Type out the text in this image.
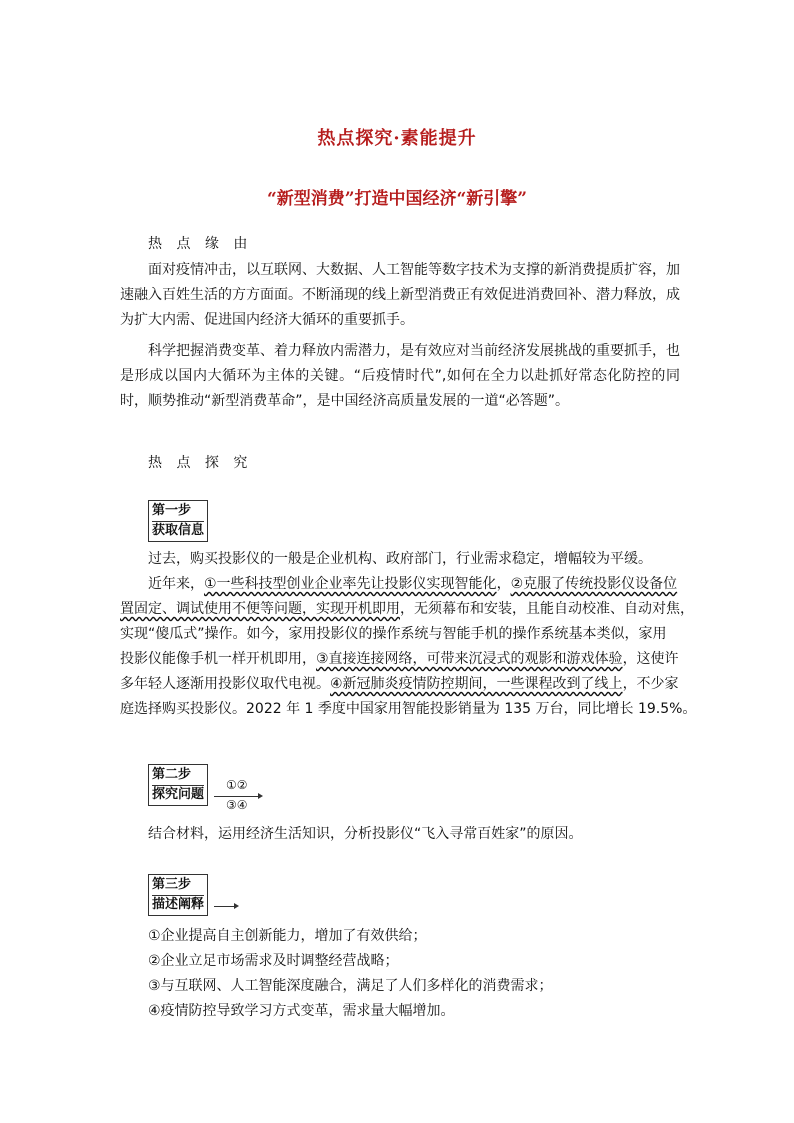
热点探究·素能提升
“新型消费”打造中国经济“新引擎”
热 点 缘 由

面对疫情冲击，以互联网、大数据、人工智能等数字技术为支撑的新消费提质扩容，加速融入百姓生活的方方面面。不断涌现的线上新型消费正有效促进消费回补、潜力释放，成为扩大内需、促进国内经济大循环的重要抓手。

科学把握消费变革、着力释放内需潜力，是有效应对当前经济发展挑战的重要抓手，也是形成以国内大循环为主体的关键。“后疫情时代”,如何在全力以赴抓好常态化防控的同时，顺势推动“新型消费革命”，是中国经济高质量发展的一道“必答题”。

热 点 探 究
第一步
获取信息
过去，购买投影仪的一般是企业机构、政府部门，行业需求稳定，增幅较为平缓。
近年来，①一些科技型创业企业率先让投影仪实现智能化，②克服了传统投影仪设备位
置固定、调试使用不便等问题，实现开机即用，无须幕布和安装，且能自动校准、自动对焦，
实现“傻瓜式”操作。如今，家用投影仪的操作系统与智能手机的操作系统基本类似，家用
投影仪能像手机一样开机即用，③直接连接网络，可带来沉浸式的观影和游戏体验，这使许
多年轻人逐渐用投影仪取代电视。④新冠肺炎疫情防控期间，一些课程改到了线上，不少家
庭选择购买投影仪。2022 年 1 季度中国家用智能投影销量为 135 万台，同比增长 19.5%。
第二步
探究问题
①②
③④
结合材料，运用经济生活知识，分析投影仪“飞入寻常百姓家”的原因。
第三步
描述阐释
①企业提高自主创新能力，增加了有效供给；
②企业立足市场需求及时调整经营战略；
③与互联网、人工智能深度融合，满足了人们多样化的消费需求；
④疫情防控导致学习方式变革，需求量大幅增加。
